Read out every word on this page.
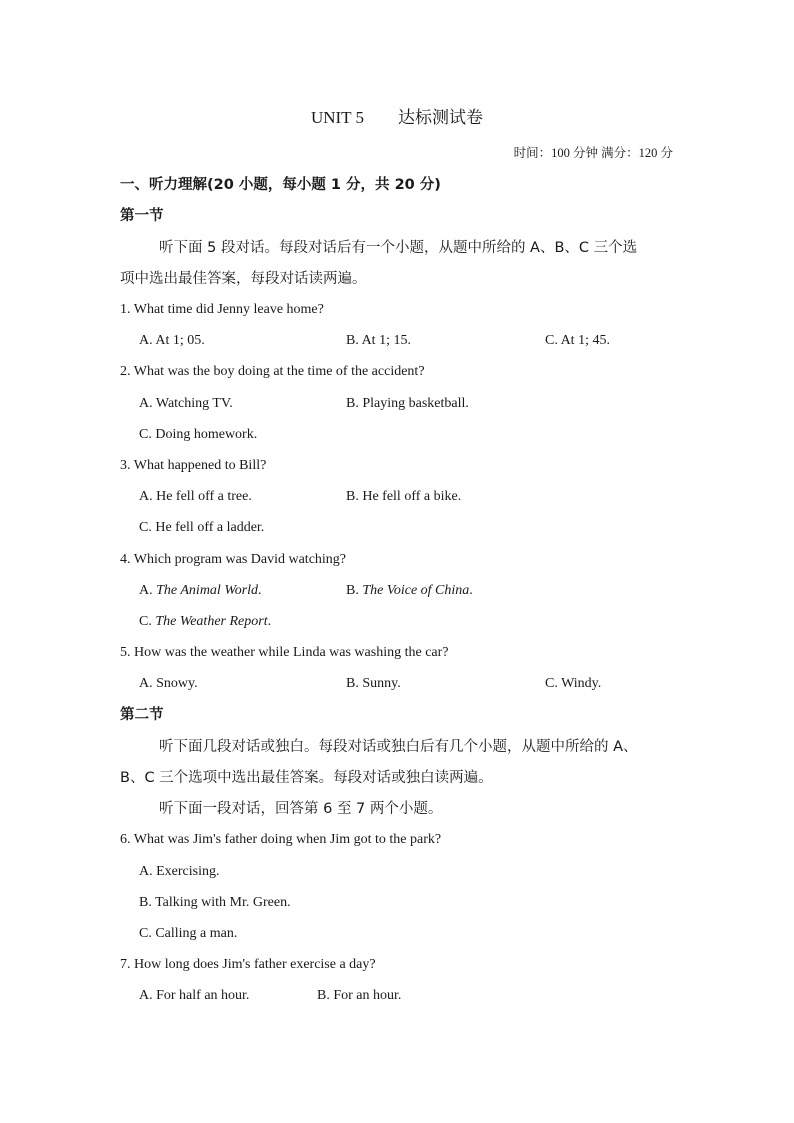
UNIT 5        达标测试卷
时间：100 分钟 满分：120 分
一、听力理解(20 小题，每小题 1 分，共 20 分)
第一节
听下面 5 段对话。每段对话后有一个小题，从题中所给的 A、B、C 三个选
项中选出最佳答案，每段对话读两遍。
1. What time did Jenny leave home?
A. At 1; 05.	B. At 1; 15.	C. At 1; 45.
2. What was the boy doing at the time of the accident?
A. Watching TV.	B. Playing basketball.
C. Doing homework.
3. What happened to Bill?
A. He fell off a tree.	B. He fell off a bike.
C. He fell off a ladder.
4. Which program was David watching?
A. The Animal World.	B. The Voice of China.
C. The Weather Report.
5. How was the weather while Linda was washing the car?
A. Snowy.	B. Sunny.	C. Windy.
第二节
听下面几段对话或独白。每段对话或独白后有几个小题，从题中所给的 A、
B、C 三个选项中选出最佳答案。每段对话或独白读两遍。
听下面一段对话，回答第 6 至 7 两个小题。
6. What was Jim's father doing when Jim got to the park?
A. Exercising.
B. Talking with Mr. Green.
C. Calling a man.
7. How long does Jim's father exercise a day?
A. For half an hour.	B. For an hour.
